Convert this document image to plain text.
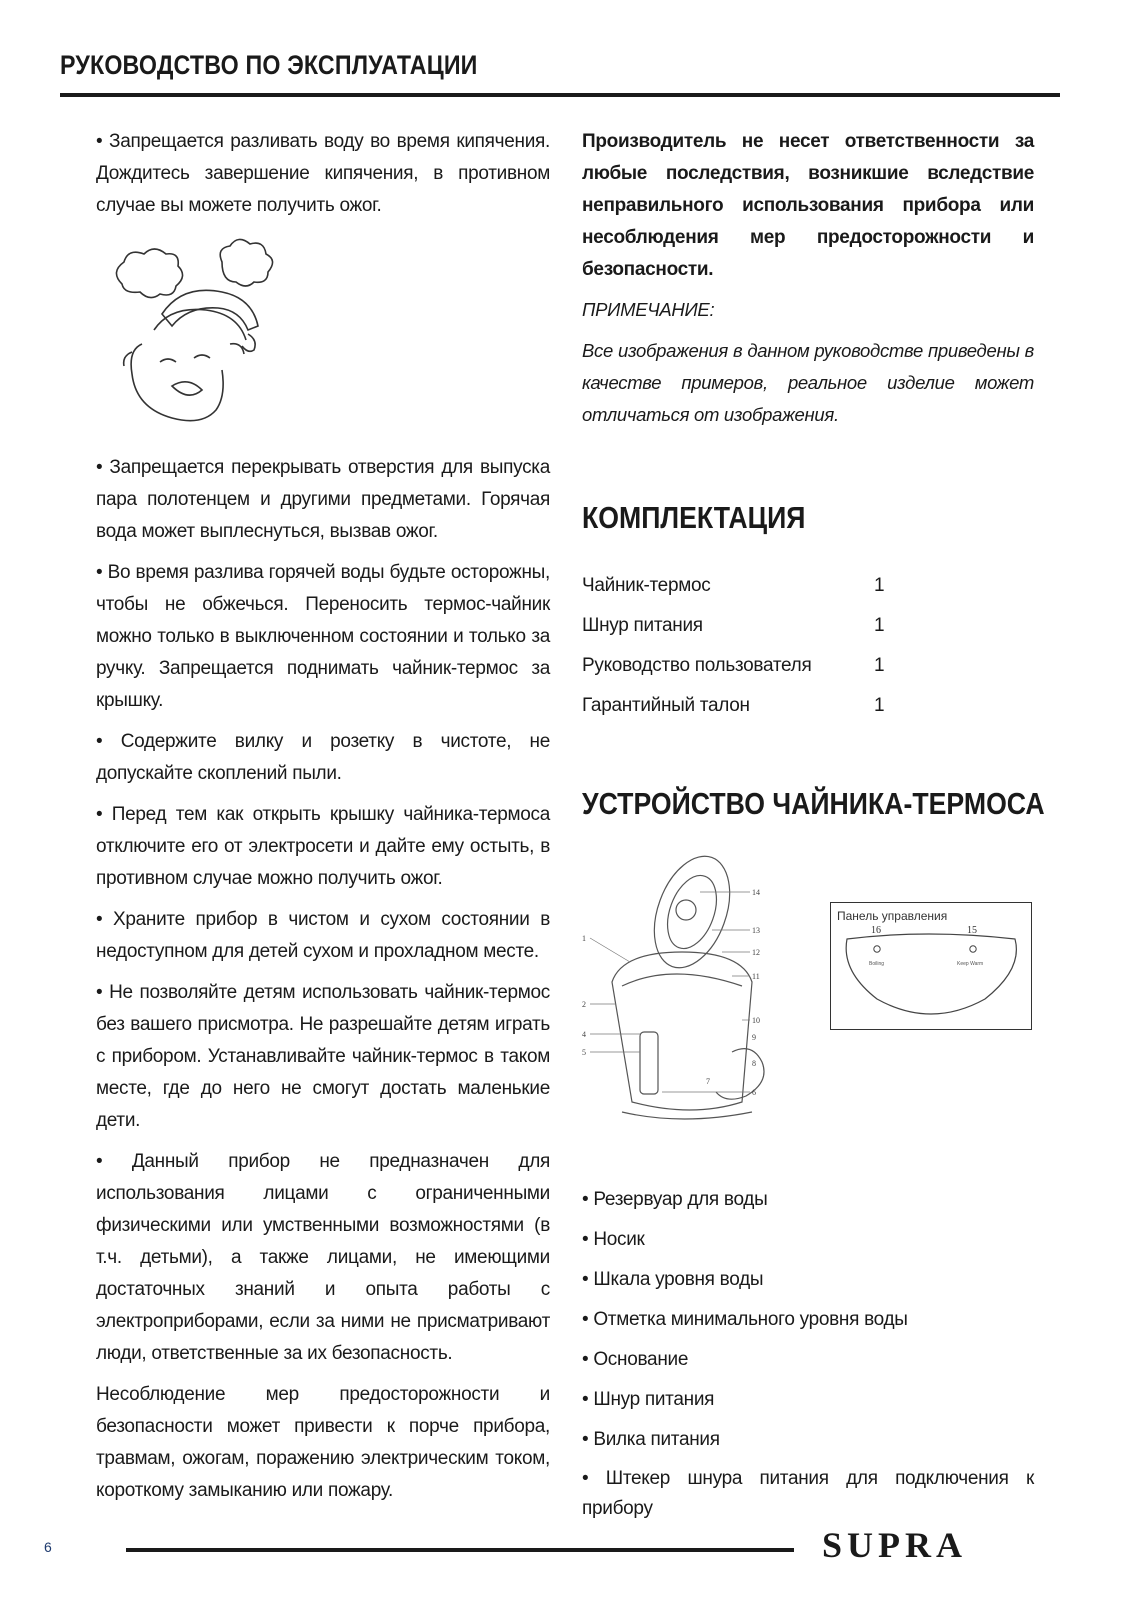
РУКОВОДСТВО ПО ЭКСПЛУАТАЦИИ

• Запрещается разливать воду во время кипячения. Дождитесь завершение кипячения, в противном случае вы можете получить ожог.

• Запрещается перекрывать отверстия для выпуска пара полотенцем и другими предметами. Горячая вода может выплеснуться, вызвав ожог.

• Во время разлива горячей воды будьте осторожны, чтобы не обжечься. Переносить термос-чайник можно только в выключенном состоянии и только за ручку. Запрещается поднимать чайник-термос за крышку.

• Содержите вилку и розетку в чистоте, не допускайте скоплений пыли.

• Перед тем как открыть крышку чайника-термоса отключите его от электросети и дайте ему остыть, в противном случае можно получить ожог.

• Храните прибор в чистом и сухом состоянии в недоступном для детей сухом и прохладном месте.

• Не позволяйте детям использовать чайник-термос без вашего присмотра. Не разрешайте детям играть с прибором. Устанавливайте чайник-термос в таком месте, где до него не смогут достать маленькие дети.

• Данный прибор не предназначен для использования лицами с ограниченными физическими или умственными возможностями (в т.ч. детьми), а также лицами, не имеющими достаточных знаний и опыта работы с электроприборами, если за ними не присматривают люди, ответственные за их безопасность.

Несоблюдение мер предосторожности и безопасности может привести к порче прибора, травмам, ожогам, поражению электрическим током, короткому замыканию или пожару.

Производитель не несет ответственности за любые последствия, возникшие вследствие неправильного использования прибора или несоблюдения мер предосторожности и безопасности.

ПРИМЕЧАНИЕ:

Все изображения в данном руководстве приведены в качестве примеров, реальное изделие может отличаться от изображения.

КОМПЛЕКТАЦИЯ
Чайник-термос	1
Шнур питания	1
Руководство пользователя	1
Гарантийный талон	1
УСТРОЙСТВО ЧАЙНИКА-ТЕРМОСА
14
13
12
11
10
9
8
7
6
5
4
2
1
Панель управления
16	15
Boiling	Keep Warm
• Резервуар для воды
• Носик
• Шкала уровня воды
• Отметка минимального уровня воды
• Основание
• Шнур питания
• Вилка питания
• Штекер шнура питания для подключения к прибору
6	SUPRA
